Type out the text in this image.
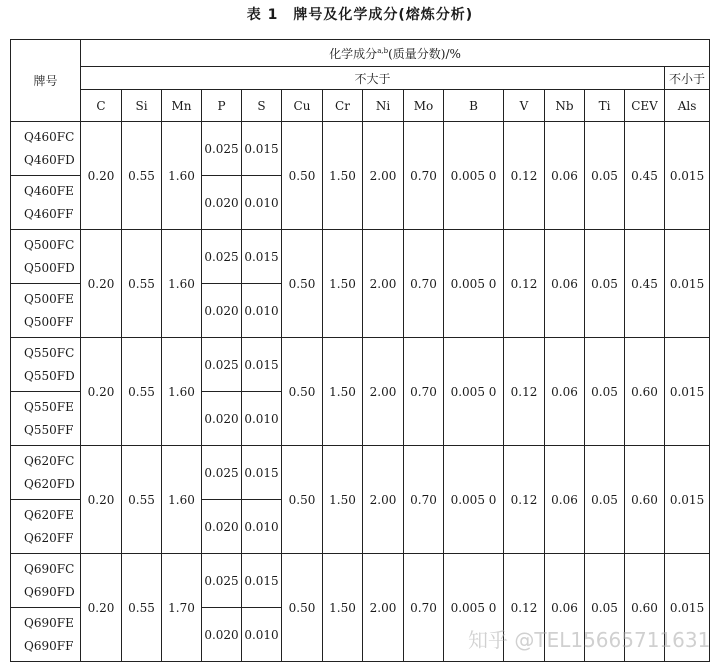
表 1　牌号及化学成分(熔炼分析)
牌号	化学成分$^{a,b}$(质量分数)/%														
	不大于														不小于
	C	Si	Mn	P	S	Cu	Cr	Ni	Mo	B	V	Nb	Ti	CEV	Als

Q460FC
Q460FD	0.20	0.55	1.60	0.025	0.015	0.50	1.50	2.00	0.70	0.005 0	0.12	0.06	0.05	0.45	0.015

Q460FE
Q460FF				0.020	0.010										

Q500FC
Q500FD	0.20	0.55	1.60	0.025	0.015	0.50	1.50	2.00	0.70	0.005 0	0.12	0.06	0.05	0.45	0.015

Q500FE
Q500FF				0.020	0.010										

Q550FC
Q550FD	0.20	0.55	1.60	0.025	0.015	0.50	1.50	2.00	0.70	0.005 0	0.12	0.06	0.05	0.60	0.015

Q550FE
Q550FF				0.020	0.010										

Q620FC
Q620FD	0.20	0.55	1.60	0.025	0.015	0.50	1.50	2.00	0.70	0.005 0	0.12	0.06	0.05	0.60	0.015

Q620FE
Q620FF				0.020	0.010										

Q690FC
Q690FD	0.20	0.55	1.70	0.025	0.015	0.50	1.50	2.00	0.70	0.005 0	0.12	0.06	0.05	0.60	0.015

Q690FE
Q690FF				0.020	0.010											知乎 @TEL15665711631
